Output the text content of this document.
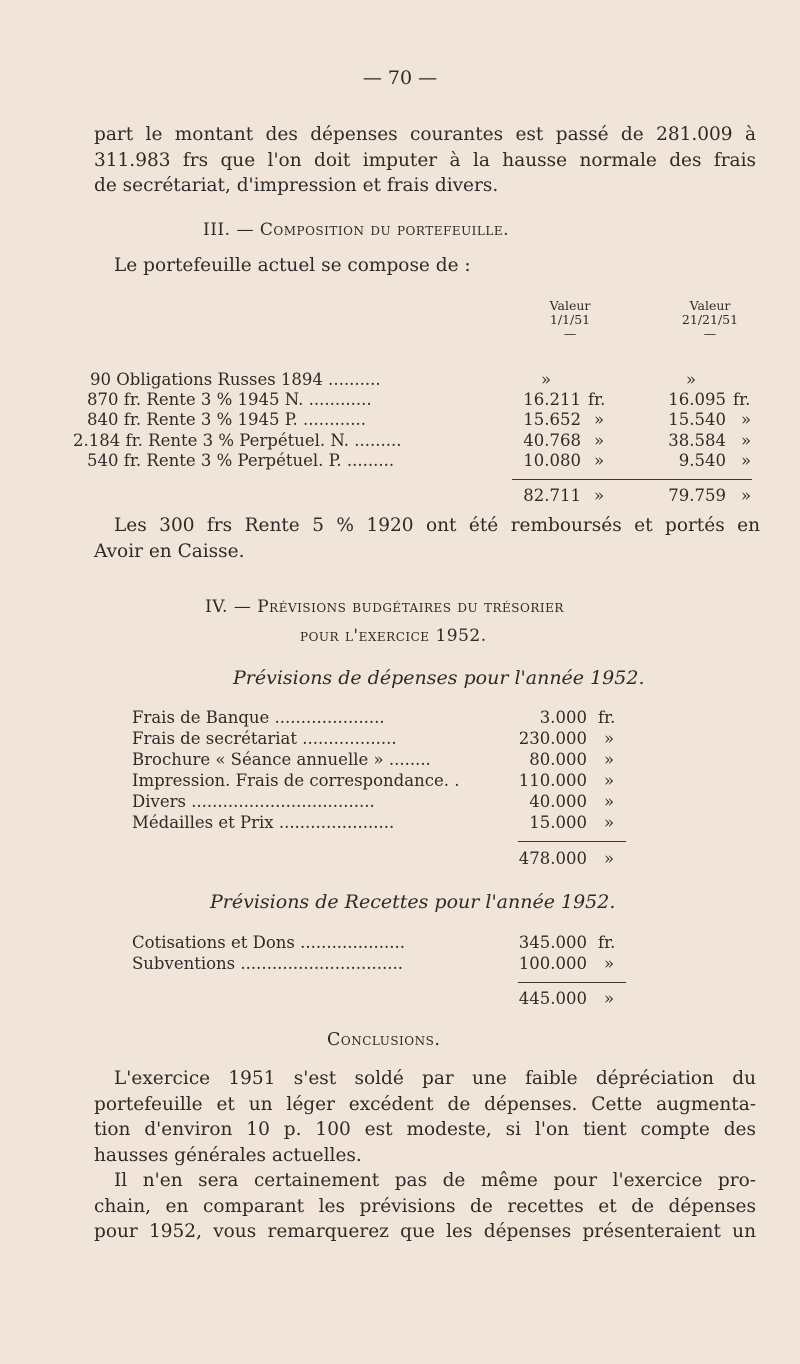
— 70 —
part le montant des dépenses courantes est passé de 281.009 à
311.983 frs que l'on doit imputer à la hausse normale des frais
de secrétariat, d'impression et frais divers.
III. — Composition du portefeuille.
Le portefeuille actuel se compose de :
Valeur
1/1/51
—
Valeur
21/21/51
—
90 Obligations Russes 1894 ..........	»	»
870 fr. Rente 3 % 1945 N. ............	16.211 fr.	16.095 fr.
840 fr. Rente 3 % 1945 P. ............	15.652 »	15.540 »
2.184 fr. Rente 3 % Perpétuel. N. .........	40.768 »	38.584 »
540 fr. Rente 3 % Perpétuel. P. .........	10.080 »	9.540 »
82.711 »	79.759 »
Les 300 frs Rente 5 % 1920 ont été remboursés et portés en
Avoir en Caisse.
IV. — Prévisions budgétaires du trésorier
pour l'exercice 1952.
Prévisions de dépenses pour l'année 1952.
Frais de Banque .....................	3.000 fr.
Frais de secrétariat ..................	230.000 »
Brochure « Séance annuelle » ........	80.000 »
Impression. Frais de correspondance. .	110.000 »
Divers ...................................	40.000 »
Médailles et Prix ......................	15.000 »
478.000 »
Prévisions de Recettes pour l'année 1952.
Cotisations et Dons ....................	345.000 fr.
Subventions ...............................	100.000 »
445.000 »
Conclusions.
L'exercice 1951 s'est soldé par une faible dépréciation du
portefeuille et un léger excédent de dépenses. Cette augmenta-
tion d'environ 10 p. 100 est modeste, si l'on tient compte des
hausses générales actuelles.
Il n'en sera certainement pas de même pour l'exercice pro-
chain, en comparant les prévisions de recettes et de dépenses
pour 1952, vous remarquerez que les dépenses présenteraient un
